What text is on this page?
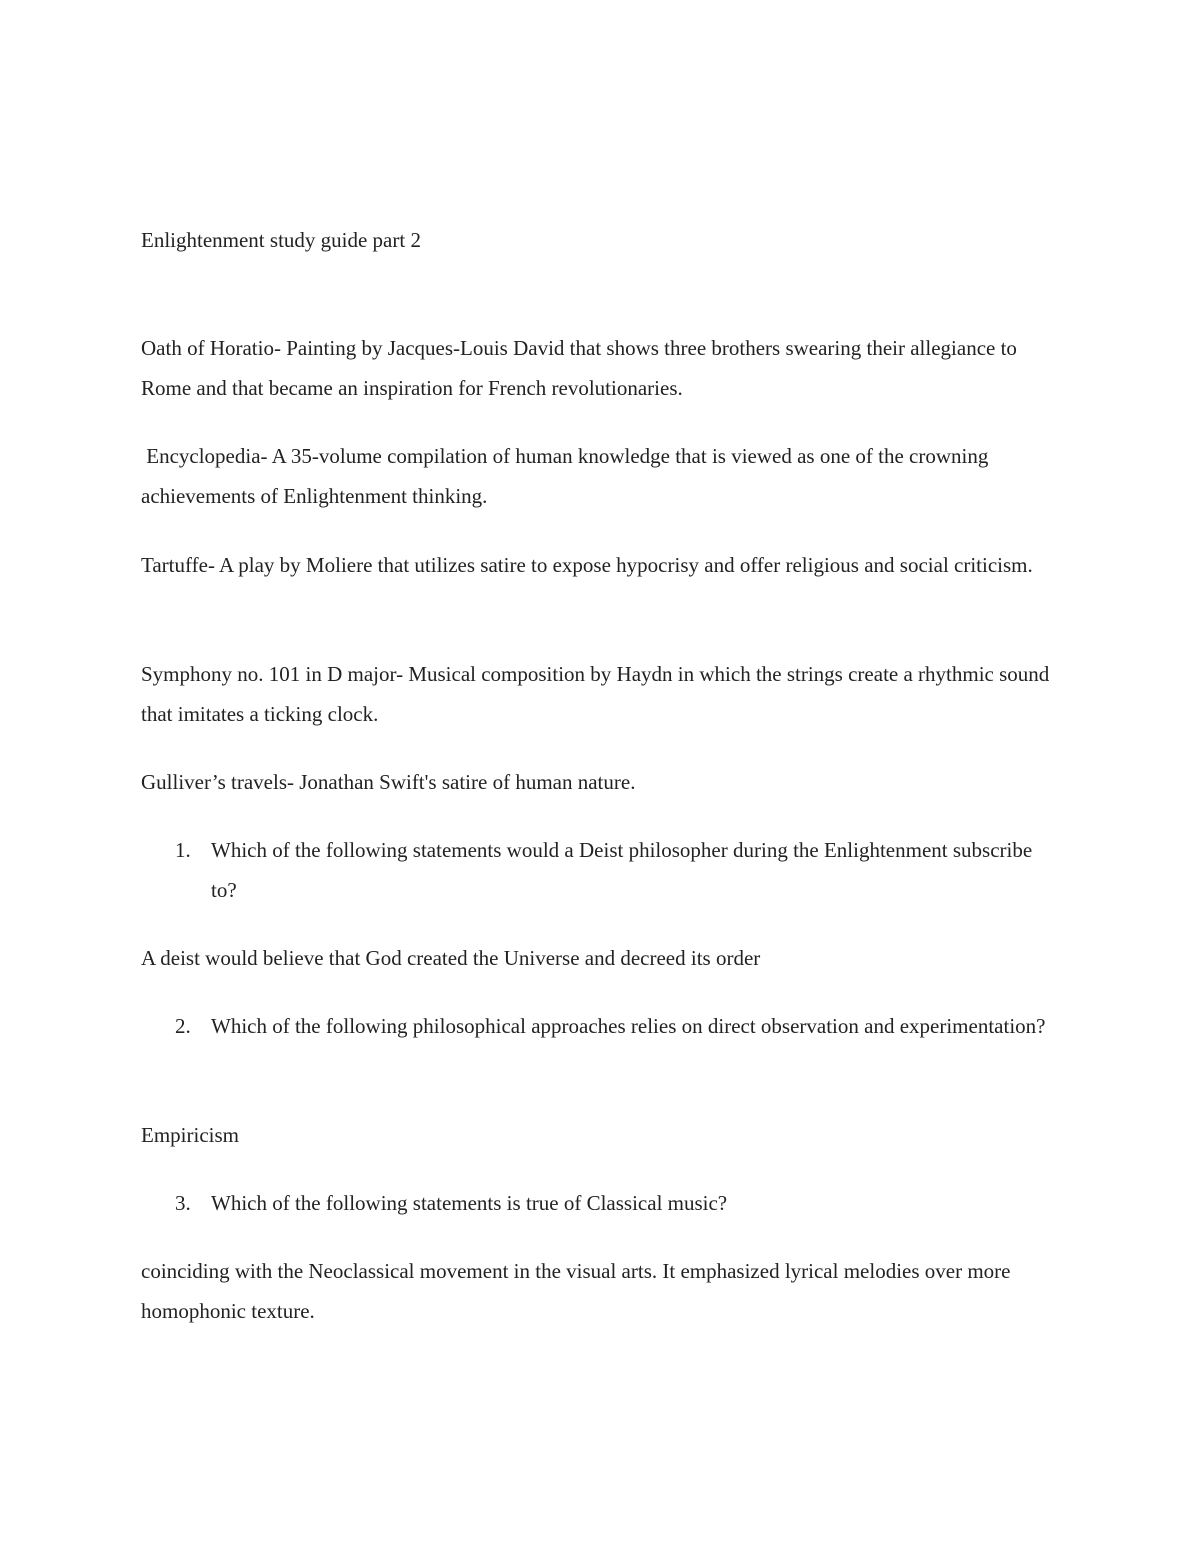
Enlightenment study guide part 2
Oath of Horatio- Painting by Jacques-Louis David that shows three brothers swearing their allegiance to Rome and that became an inspiration for French revolutionaries.
Encyclopedia- A 35-volume compilation of human knowledge that is viewed as one of the crowning achievements of Enlightenment thinking.
Tartuffe- A play by Moliere that utilizes satire to expose hypocrisy and offer religious and social criticism.
Symphony no. 101 in D major- Musical composition by Haydn in which the strings create a rhythmic sound that imitates a ticking clock.
Gulliver’s travels- Jonathan Swift's satire of human nature.
1. Which of the following statements would a Deist philosopher during the Enlightenment subscribe to?
A deist would believe that God created the Universe and decreed its order
2. Which of the following philosophical approaches relies on direct observation and experimentation?
Empiricism
3. Which of the following statements is true of Classical music?
coinciding with the Neoclassical movement in the visual arts. It emphasized lyrical melodies over more homophonic texture.
